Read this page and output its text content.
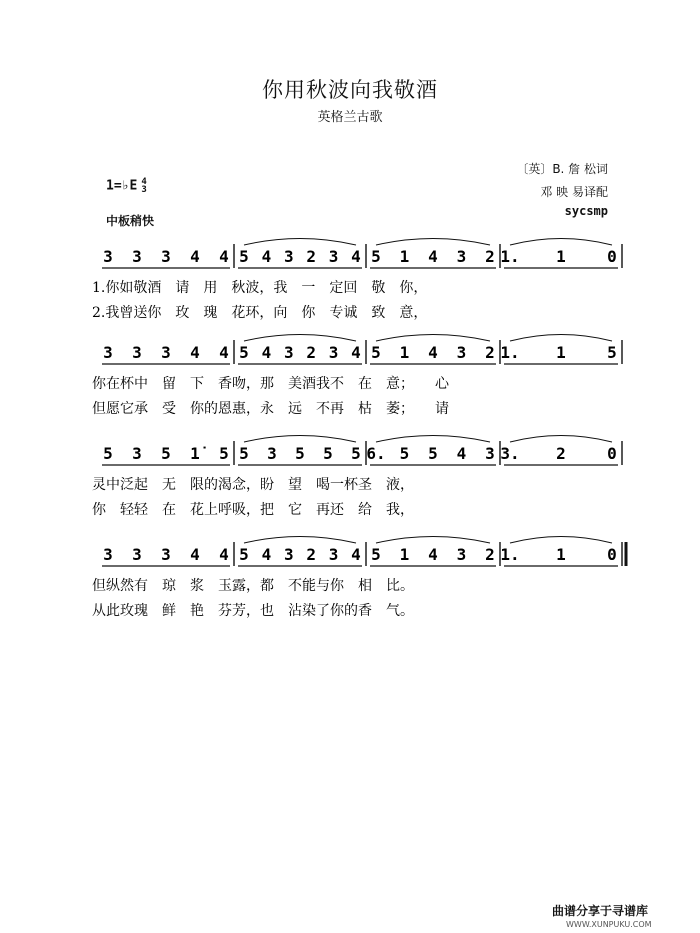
你用秋波向我敬酒
英格兰古歌
〔英〕B. 詹 松词
邓 映 易译配
sycsmp
1=♭E 4
3
中板稍快
3 3 3 4 4 5 4 3 2 3 4 5 1 4 3 2 1. 1	0
1.你如敬酒　请　用　秋波，我　一　定回　敬　你，
2.我曾送你　玫　瑰　花环，向　你　专诚　致　意，
3 3 3 4 4 5 4 3 2 3 4 5 1 4 3 2 1. 1	5
你在杯中　留　下　香吻，那　美酒我不　在　意；　　心
但愿它承　受　你的恩惠，永　远　不再　枯　萎；　　请
5 3 5 1̇	5 5 3 5 5 5 6. 5 5 4 3 3. 2	0
灵中泛起　无　限的渴念，盼　望　喝一杯圣　液，
你　轻轻　在　花上呼吸，把　它　再还　给　我，
3 3 3 4 4 5 4 3 2 3 4 5 1 4 3 2 1. 1	0
但纵然有　琼　浆　玉露，都　不能与你　相　比。
从此玫瑰　鲜　艳　芬芳，也　沾染了你的香　气。
曲谱分享于寻谱库
WWW.XUNPUKU.COM
